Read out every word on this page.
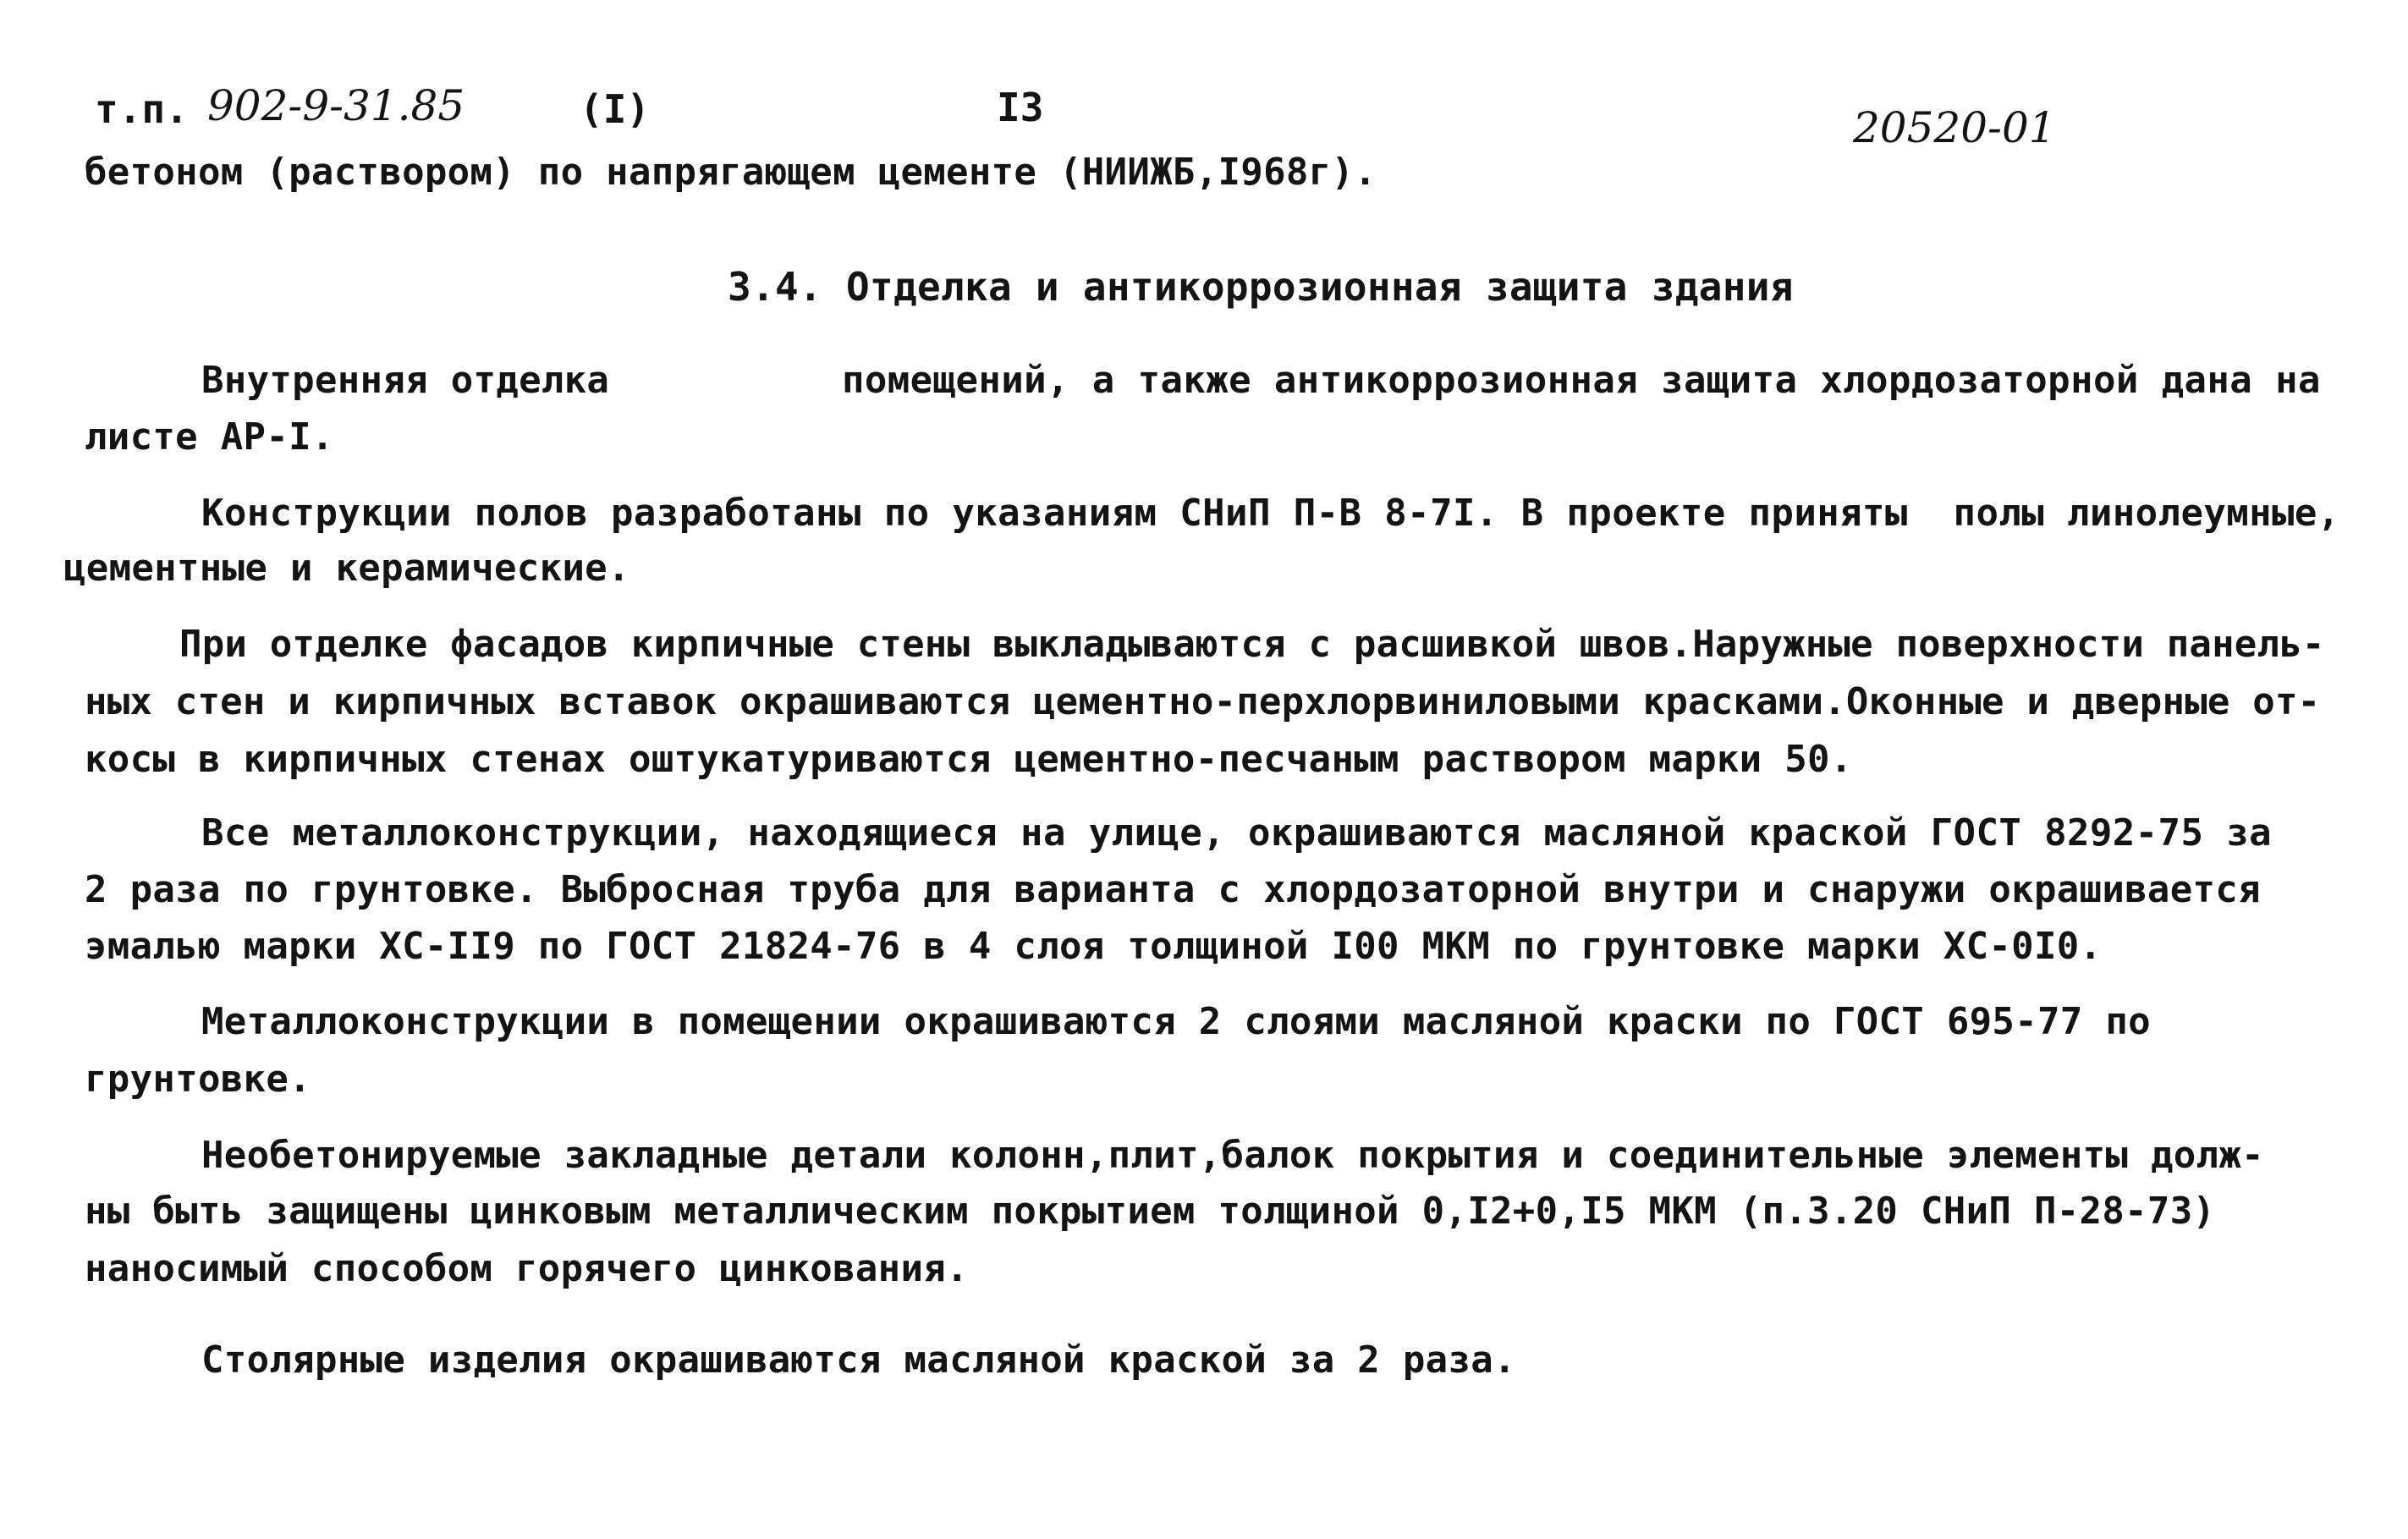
т.п. 902-9-31.85	(I)	I3	20520-01
бетоном (раствором) по напрягающем цементе (НИИЖБ,I968г).
3.4. Отделка и антикоррозионная защита здания
Внутренняя отделка	помещений, а также антикоррозионная защита хлордозаторной дана на
листе АР-I.
Конструкции полов разработаны по указаниям СНиП П-В 8-7I. В проекте приняты  полы линолеумные,
цементные и керамические.
При отделке фасадов кирпичные стены выкладываются с расшивкой швов.Наружные поверхности панель-
ных стен и кирпичных вставок окрашиваются цементно-перхлорвиниловыми красками.Оконные и дверные от-
косы в кирпичных стенах оштукатуриваются цементно-песчаным раствором марки 50.
Все металлоконструкции, находящиеся на улице, окрашиваются масляной краской ГОСТ 8292-75 за
2 раза по грунтовке. Выбросная труба для варианта с хлордозаторной внутри и снаружи окрашивается
эмалью марки ХС-II9 по ГОСТ 21824-76 в 4 слоя толщиной I00 МКМ по грунтовке марки ХС-0I0.
Металлоконструкции в помещении окрашиваются 2 слоями масляной краски по ГОСТ 695-77 по
грунтовке.
Необетонируемые закладные детали колонн,плит,балок покрытия и соединительные элементы долж-
ны быть защищены цинковым металлическим покрытием толщиной 0,I2+0,I5 МКМ (п.3.20 СНиП П-28-73)
наносимый способом горячего цинкования.
Столярные изделия окрашиваются масляной краской за 2 раза.
